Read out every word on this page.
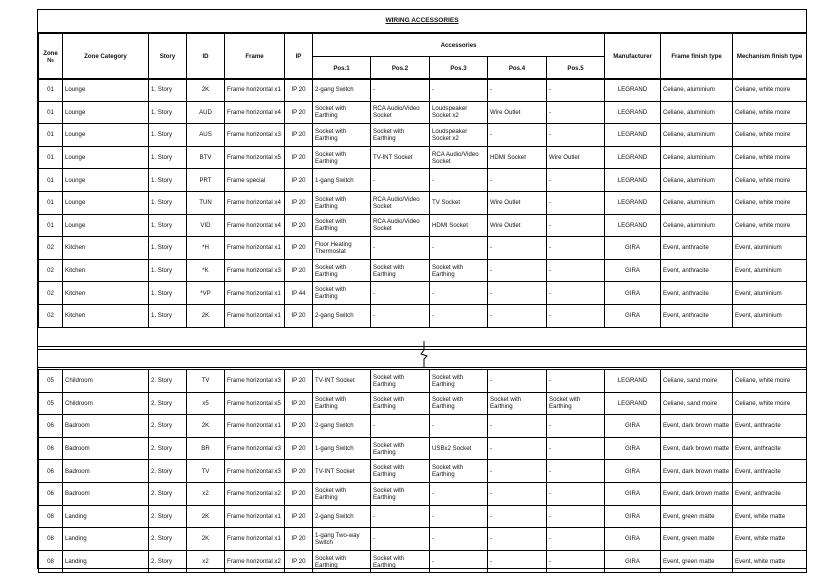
WIRING ACCESSORIES
Zone №	Zone Category	Story	ID	Frame	IP	Accessories					Manufacturer	Frame finish type	Mechanism finish type
						Pos.1	Pos.2	Pos.3	Pos.4	Pos.5			
01	Lounge	1. Story	2K	Frame horizontal x1	IP 20	2-gang Switch	-	-	-	-	LEGRAND	Celiane, aluminium	Celiane, white moire
01	Lounge	1. Story	AUD	Frame horizontal x4	IP 20	Socket with Earthing	RCA Audio/Video Socket	Loudspeaker Socket x2	Wire Outlet	-	LEGRAND	Celiane, aluminium	Celiane, white moire
01	Lounge	1. Story	AUS	Frame horizontal x3	IP 20	Socket with Earthing	Socket with Earthing	Loudspeaker Socket x2	-	-	LEGRAND	Celiane, aluminium	Celiane, white moire
01	Lounge	1. Story	BTV	Frame horizontal x5	IP 20	Socket with Earthing	TV-INT Socket	RCA Audio/Video Socket	HDMI Socket	Wire Outlet	LEGRAND	Celiane, aluminium	Celiane, white moire
01	Lounge	1. Story	PRT	Frame special	IP 20	1-gang Switch	-	-	-	-	LEGRAND	Celiane, aluminium	Celiane, white moire
01	Lounge	1. Story	TUN	Frame horizontal x4	IP 20	Socket with Earthing	RCA Audio/Video Socket	TV Socket	Wire Outlet	-	LEGRAND	Celiane, aluminium	Celiane, white moire
01	Lounge	1. Story	VID	Frame horizontal x4	IP 20	Socket with Earthing	RCA Audio/Video Socket	HDMI Socket	Wire Outlet	-	LEGRAND	Celiane, aluminium	Celiane, white moire
02	Kitchen	1. Story	*H	Frame horizontal x1	IP 20	Floor Heating Thermostat	-	-	-	-	GIRA	Event, anthracite	Event, aluminium
02	Kitchen	1. Story	*K	Frame horizontal x3	IP 20	Socket with Earthing	Socket with Earthing	Socket with Earthing	-	-	GIRA	Event, anthracite	Event, aluminium
02	Kitchen	1. Story	*VP	Frame horizontal x1	IP 44	Socket with Earthing	-	-	-	-	GIRA	Event, anthracite	Event, aluminium
02	Kitchen	1. Story	2K	Frame horizontal x1	IP 20	2-gang Switch	-	-	-	-	GIRA	Event, anthracite	Event, aluminium
05	Childroom	2. Story	TV	Frame horizontal x3	IP 20	TV-INT Socket	Socket with Earthing	Socket with Earthing	-	-	LEGRAND	Celiane, sand moire	Celiane, white moire
05	Childroom	2. Story	x5	Frame horizontal x5	IP 20	Socket with Earthing	Socket with Earthing	Socket with Earthing	Socket with Earthing	Socket with Earthing	LEGRAND	Celiane, sand moire	Celiane, white moire
06	Badroom	2. Story	2K	Frame horizontal x1	IP 20	2-gang Switch	-	-	-	-	GIRA	Event, dark brown matte	Event, anthracite
06	Badroom	2. Story	BR	Frame horizontal x3	IP 20	1-gang Switch	Socket with Earthing	USBx2 Socket	-	-	GIRA	Event, dark brown matte	Event, anthracite
06	Badroom	2. Story	TV	Frame horizontal x3	IP 20	TV-INT Socket	Socket with Earthing	Socket with Earthing	-	-	GIRA	Event, dark brown matte	Event, anthracite
06	Badroom	2. Story	x2	Frame horizontal x2	IP 20	Socket with Earthing	Socket with Earthing	-	-	-	GIRA	Event, dark brown matte	Event, anthracite
08	Landing	2. Story	2K	Frame horizontal x1	IP 20	2-gang Switch	-	-	-	-	GIRA	Event, green matte	Event, white matte
08	Landing	2. Story	2K	Frame horizontal x1	IP 20	1-gang Two-way Switch	-	-	-	-	GIRA	Event, green matte	Event, white matte
08	Landing	2. Story	x2	Frame horizontal x2	IP 20	Socket with Earthing	Socket with Earthing	-	-	-	GIRA	Event, green matte	Event, white matte
